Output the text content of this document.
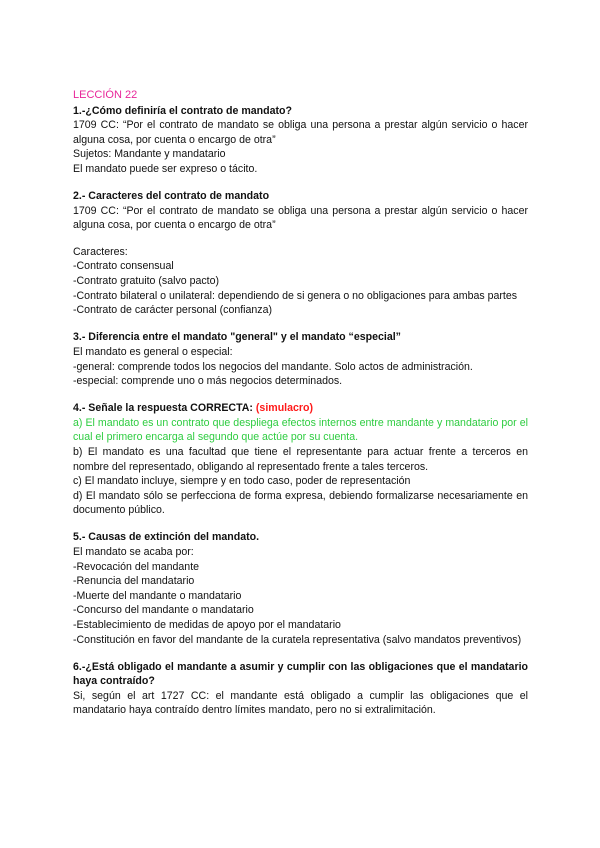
LECCIÓN 22
1.-¿Cómo definiría el contrato de mandato?
1709 CC: “Por el contrato de mandato se obliga una persona a prestar algún servicio o hacer alguna cosa, por cuenta o encargo de otra”
Sujetos: Mandante y mandatario
El mandato puede ser expreso o tácito.
2.- Caracteres del contrato de mandato
1709 CC: “Por el contrato de mandato se obliga una persona a prestar algún servicio o hacer alguna cosa, por cuenta o encargo de otra”
Caracteres:
-Contrato consensual
-Contrato gratuito (salvo pacto)
-Contrato bilateral o unilateral: dependiendo de si genera o no obligaciones para ambas partes
-Contrato de carácter personal (confianza)
3.- Diferencia entre el mandato "general" y el mandato “especial”
El mandato es general o especial:
-general: comprende todos los negocios del mandante. Solo actos de administración.
-especial: comprende uno o más negocios determinados.
4.- Señale la respuesta CORRECTA: (simulacro)
a) El mandato es un contrato que despliega efectos internos entre mandante y mandatario por el cual el primero encarga al segundo que actúe por su cuenta.
b) El mandato es una facultad que tiene el representante para actuar frente a terceros en nombre del representado, obligando al representado frente a tales terceros.
c) El mandato incluye, siempre y en todo caso, poder de representación
d) El mandato sólo se perfecciona de forma expresa, debiendo formalizarse necesariamente en documento público.
5.- Causas de extinción del mandato.
El mandato se acaba por:
-Revocación del mandante
-Renuncia del mandatario
-Muerte del mandante o mandatario
-Concurso del mandante o mandatario
-Establecimiento de medidas de apoyo por el mandatario
-Constitución en favor del mandante de la curatela representativa (salvo mandatos preventivos)
6.-¿Está obligado el mandante a asumir y cumplir con las obligaciones que el mandatario haya contraído?
Si, según el art 1727 CC: el mandante está obligado a cumplir las obligaciones que el mandatario haya contraído dentro límites mandato, pero no si extralimitación.
